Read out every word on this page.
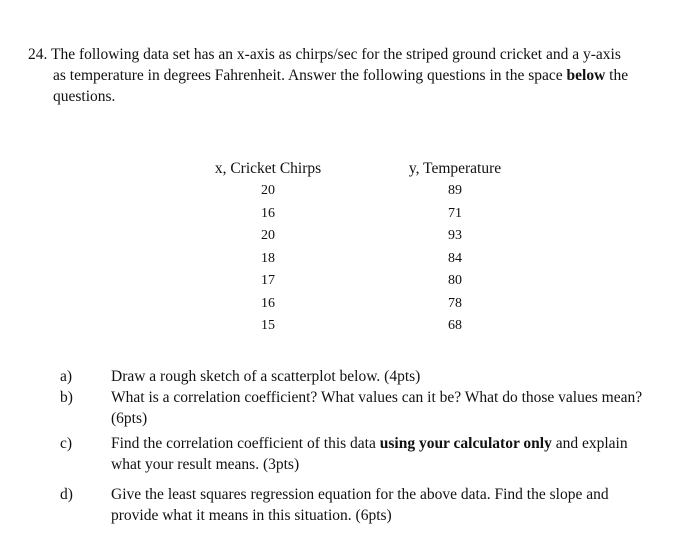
24. The following data set has an x-axis as chirps/sec for the striped ground cricket and a y-axis
as temperature in degrees Fahrenheit. Answer the following questions in the space below the
questions.
x, Cricket Chirps
20
16
20
18
17
16
15
y, Temperature
89
71
93
84
80
78
68
a)	Draw a rough sketch of a scatterplot below. (4pts)
b) What is a correlation coefficient? What values can it be? What do those values mean?
(6pts)
c)	Find the correlation coefficient of this data using your calculator only and explain
what your result means. (3pts)
d) Give the least squares regression equation for the above data. Find the slope and
provide what it means in this situation. (6pts)
